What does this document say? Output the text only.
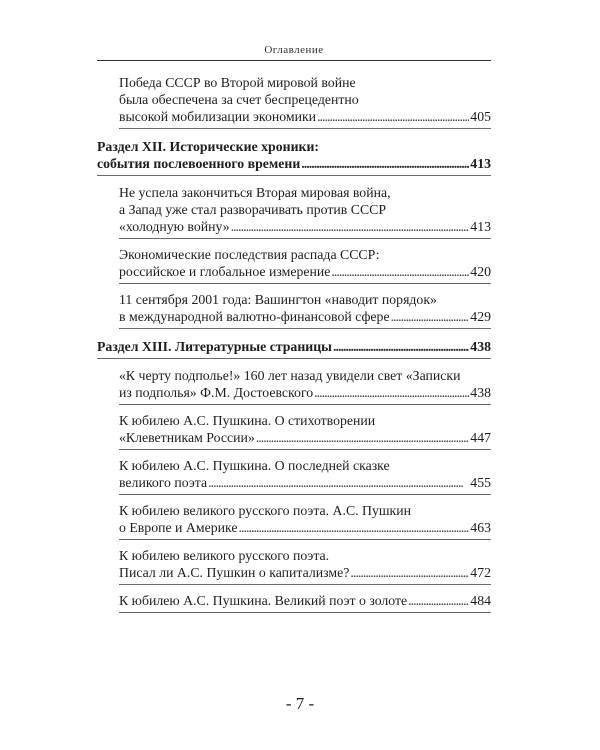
Оглавление
Победа СССР во Второй мировой войне
была обеспечена за счет беспрецедентно
высокой мобилизации экономики . . .	405
Раздел XII. Исторические хроники:
события послевоенного времени . . .	413
Не успела закончиться Вторая мировая война,
а Запад уже стал разворачивать против СССР
«холодную войну» . . .	413
Экономические последствия распада СССР:
российское и глобальное измерение . . .	420
11 сентября 2001 года: Вашингтон «наводит порядок»
в международной валютно-финансовой сфере . . .	429
Раздел XIII. Литературные страницы . . .	438
«К черту подполье!» 160 лет назад увидели свет «Записки
из подполья» Ф.М. Достоевского . . .	438
К юбилею А.С. Пушкина. О стихотворении
«Клеветникам России» . . .	447
К юбилею А.С. Пушкина. О последней сказке
великого поэта . . .	455
К юбилею великого русского поэта. А.С. Пушкин
о Европе и Америке . . .	463
К юбилею великого русского поэта.
Писал ли А.С. Пушкин о капитализме? . . .	472
К юбилею А.С. Пушкина. Великий поэт о золоте . . .	484
- 7 -
